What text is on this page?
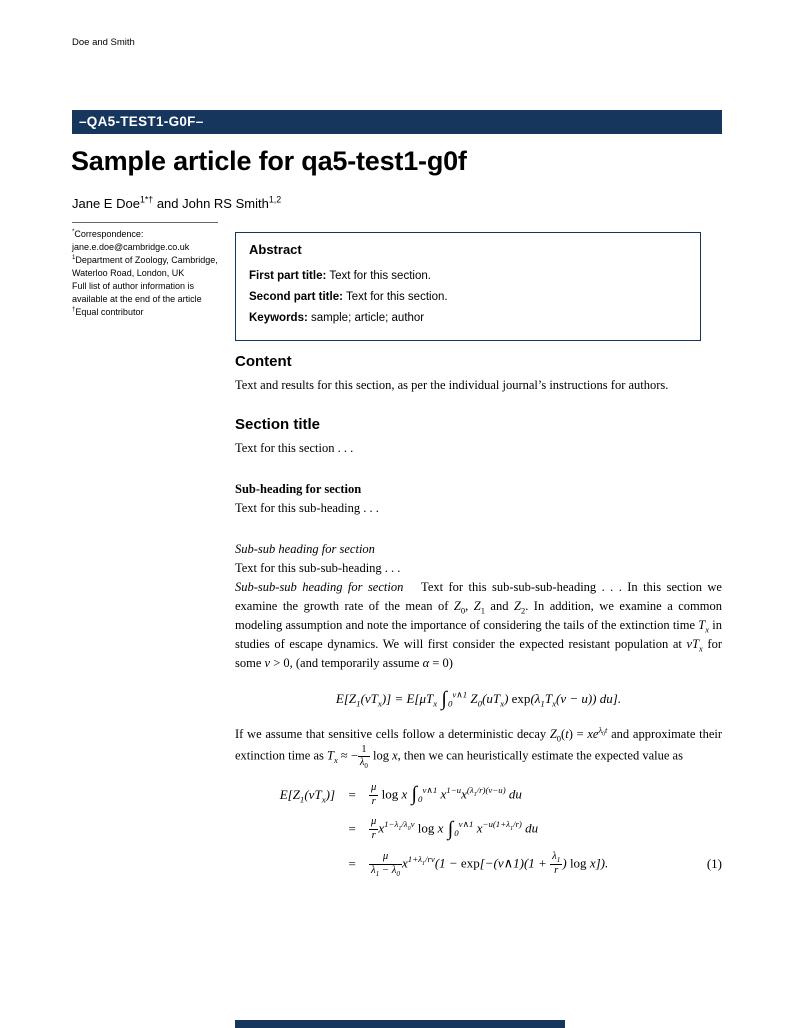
Doe and Smith
–QA5-TEST1-G0F–
Sample article for qa5-test1-g0f
Jane E Doe$^{1*\dagger}$ and John RS Smith$^{1,2}$

*Correspondence:

jane.e.doe@cambridge.co.uk

$^1$Department of Zoology, Cambridge, Waterloo Road, London, UK

Full list of author information is available at the end of the article

†Equal contributor

Abstract

First part title: Text for this section.

Second part title: Text for this section.

Keywords: sample; article; author

Content

Text and results for this section, as per the individual journal’s instructions for authors.

Section title

Text for this section . . .

Sub-heading for section

Text for this sub-heading . . .

Sub-sub heading for section

Text for this sub-sub-heading . . .

Sub-sub-sub heading for section  Text for this sub-sub-sub-heading . . . In this section we examine the growth rate of the mean of $Z_0$, $Z_1$ and $Z_2$. In addition, we examine a common modeling assumption and note the importance of considering the tails of the extinction time $T_x$ in studies of escape dynamics. We will first consider the expected resistant population at $vT_x$ for some v > 0, (and temporarily assume α = 0)

$E[Z_1(vT_x)] = E[\mu T_x$ $\int_0^{v\wedge 1}$ $Z_0(uT_x) \exp(\lambda_1T_x(v - u))$ du].

If we assume that sensitive cells follow a deterministic decay $Z_0(t) = xe^{\lambda_0t}$ and approximate their extinction time as $T_x$ ≈ − $\frac{1}{\lambda_0}$ log x, then we can heuristically estimate the expected value as

$E[Z_1(vT_x)]$ =	$\frac{\mu}{r}$ log x $\int_0^{v\wedge 1}$ $x^{1-u}x^{(\lambda_1/r)(v-u)}$ du
=	$\frac{\mu}{r} x^{1-\lambda_1/\lambda_0v}$ log x $\int_0^{v\wedge 1}$ $x^{-u(1+\lambda_1/r)}$ du
=	$\frac{\mu}{\lambda_1 - \lambda_0} x^{1+\lambda_1/rv}(1$ − exp[−(v∧1)(1 + $\frac{\lambda_1}{r}$ ) log x]).	(1)
